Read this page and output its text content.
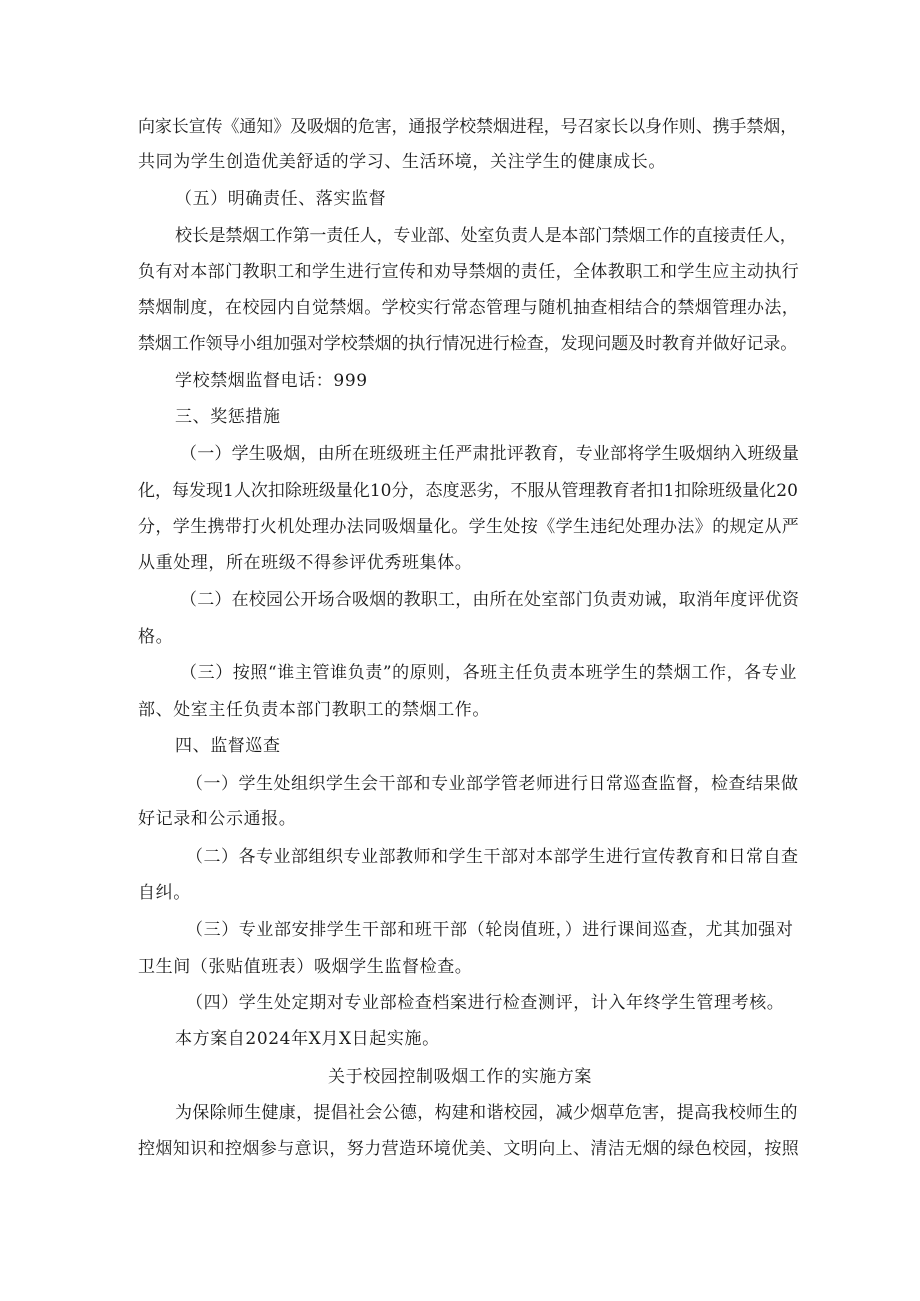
向家长宣传《通知》及吸烟的危害，通报学校禁烟进程，号召家长以身作则、携手禁烟，

共同为学生创造优美舒适的学习、生活环境，关注学生的健康成长。

（五）明确责任、落实监督

校长是禁烟工作第一责任人，专业部、处室负责人是本部门禁烟工作的直接责任人，

负有对本部门教职工和学生进行宣传和劝导禁烟的责任，全体教职工和学生应主动执行

禁烟制度，在校园内自觉禁烟。学校实行常态管理与随机抽查相结合的禁烟管理办法，

禁烟工作领导小组加强对学校禁烟的执行情况进行检查，发现问题及时教育并做好记录。

学校禁烟监督电话：999

三、奖惩措施

（一）学生吸烟，由所在班级班主任严肃批评教育，专业部将学生吸烟纳入班级量

化，每发现1人次扣除班级量化10分，态度恶劣，不服从管理教育者扣1扣除班级量化20

分，学生携带打火机处理办法同吸烟量化。学生处按《学生违纪处理办法》的规定从严

从重处理，所在班级不得参评优秀班集体。

（二）在校园公开场合吸烟的教职工，由所在处室部门负责劝诫，取消年度评优资

格。

（三）按照“谁主管谁负责”的原则，各班主任负责本班学生的禁烟工作，各专业

部、处室主任负责本部门教职工的禁烟工作。

四、监督巡查

（一）学生处组织学生会干部和专业部学管老师进行日常巡查监督，检查结果做

好记录和公示通报。

（二）各专业部组织专业部教师和学生干部对本部学生进行宣传教育和日常自查

自纠。

（三）专业部安排学生干部和班干部（轮岗值班，）进行课间巡查，尤其加强对

卫生间（张贴值班表）吸烟学生监督检查。

（四）学生处定期对专业部检查档案进行检查测评，计入年终学生管理考核。

本方案自2024年X月X日起实施。

关于校园控制吸烟工作的实施方案

为保除师生健康，提倡社会公德，构建和谐校园，减少烟草危害，提高我校师生的

控烟知识和控烟参与意识，努力营造环境优美、文明向上、清洁无烟的绿色校园，按照
